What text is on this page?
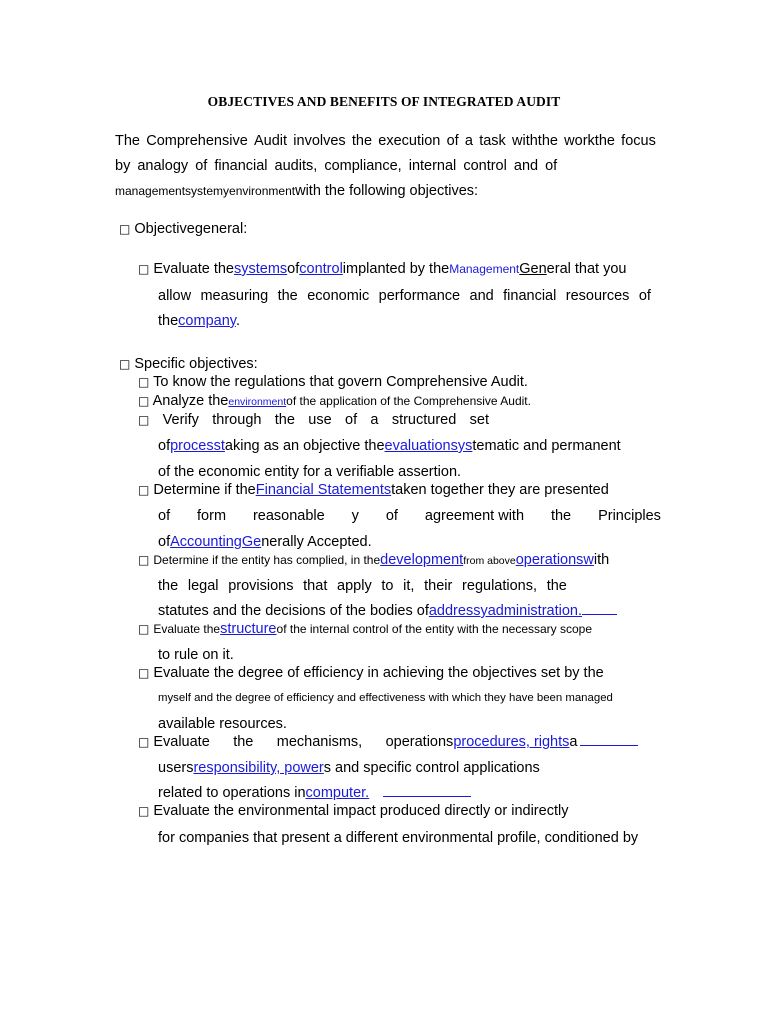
OBJECTIVES AND BENEFITS OF INTEGRATED AUDIT
The Comprehensive Audit involves the execution of a task withthe workthe focus
by analogy of financial audits, compliance, internal control and of
managementsystemyenvironmentwith the following objectives:
□ Objectivegeneral:
□ Evaluate thesystemsofcontrolimplanted by theManagementGeneral that you
allow measuring the economic performance and financial resources of
thecompany.
□ Specific objectives:
□ To know the regulations that govern Comprehensive Audit.
□ Analyze theenvironmentof the application of the Comprehensive Audit.
□ Verify through the use of a structured set
ofprocesstaking as an objective theevaluationsystematic and permanent
of the economic entity for a verifiable assertion.
□ Determine if theFinancial Statementstaken together they are presented
of form reasonable y of agreement with the Principles
ofAccountingGenerally Accepted.
□ Determine if the entity has complied, in thedevelopmentfrom aboveoperationswith
the legal provisions that apply to it, their regulations, the
statutes and the decisions of the bodies ofaddressyadministration.
□ Evaluate thestructureof the internal control of the entity with the necessary scope
to rule on it.
□ Evaluate the degree of efficiency in achieving the objectives set by the
myself and the degree of efficiency and effectiveness with which they have been managed
available resources.
□ Evaluate the mechanisms, operations procedures, rights a
usersresponsibility, powers and specific control applications
related to operations incomputer.
□ Evaluate the environmental impact produced directly or indirectly
for companies that present a different environmental profile, conditioned by
